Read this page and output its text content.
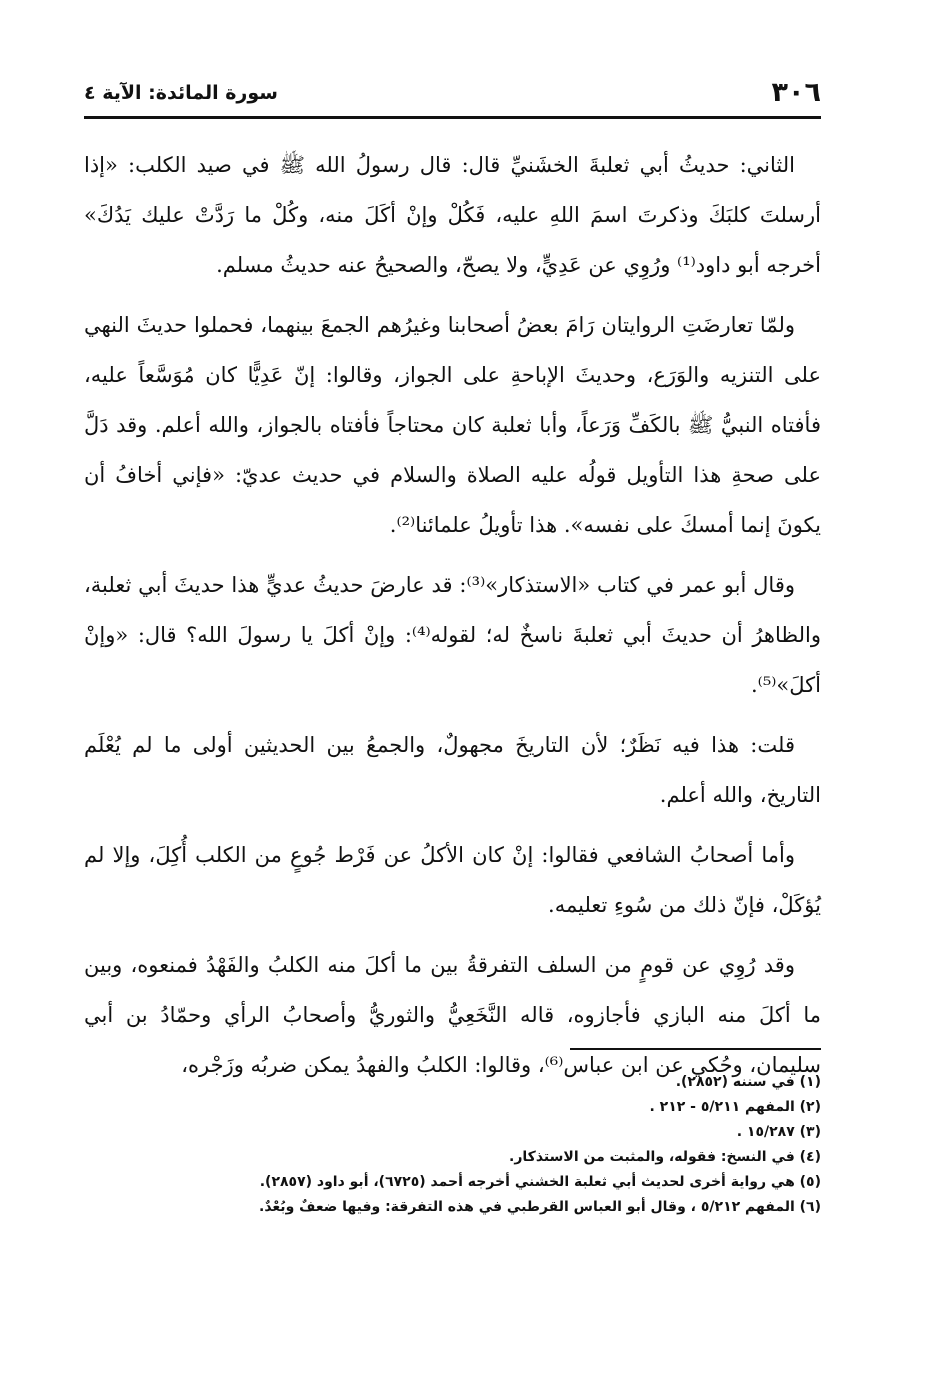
٣٠٦
سورة المائدة: الآية ٤

الثاني: حديثُ أبي ثعلبةَ الخشَنيِّ قال: قال رسولُ الله ﷺ في صيد الكلب: «إذا أرسلتَ كلبَكَ وذكرتَ اسمَ اللهِ عليه، فَكُلْ وإنْ أكَلَ منه، وكُلْ ما رَدَّتْ عليك يَدُكَ» أخرجه أبو داود⁽¹⁾ ورُوِي عن عَدِيٍّ، ولا يصحّ، والصحيحُ عنه حديثُ مسلم.

ولمّا تعارضَتِ الروايتان رَامَ بعضُ أصحابنا وغيرُهم الجمعَ بينهما، فحملوا حديثَ النهي على التنزيه والوَرَع، وحديثَ الإباحةِ على الجواز، وقالوا: إنّ عَدِيًّا كان مُوَسَّعاً عليه، فأفتاه النبيُّ ﷺ بالكَفِّ وَرَعاً، وأبا ثعلبة كان محتاجاً فأفتاه بالجواز، والله أعلم. وقد دَلَّ على صحةِ هذا التأويل قولُه عليه الصلاة والسلام في حديث عديّ: «فإني أخافُ أن يكونَ إنما أمسكَ على نفسه». هذا تأويلُ علمائنا⁽²⁾.

وقال أبو عمر في كتاب «الاستذكار»⁽³⁾: قد عارضَ حديثُ عديٍّ هذا حديثَ أبي ثعلبة، والظاهرُ أن حديثَ أبي ثعلبةَ ناسخٌ له؛ لقوله⁽⁴⁾: وإنْ أكلَ يا رسولَ الله؟ قال: «وإنْ أكلَ»⁽⁵⁾.

قلت: هذا فيه نَظَرٌ؛ لأن التاريخَ مجهولٌ، والجمعُ بين الحديثين أولى ما لم يُعْلَم التاريخ، والله أعلم.

وأما أصحابُ الشافعي فقالوا: إنْ كان الأكلُ عن فَرْط جُوعٍ من الكلب أُكِلَ، وإلا لم يُؤكَلْ، فإنّ ذلك من سُوءِ تعليمه.

وقد رُوِي عن قومٍ من السلف التفرقةُ بين ما أكلَ منه الكلبُ والفَهْدُ فمنعوه، وبين ما أكلَ منه البازي فأجازوه، قاله النَّخَعِيُّ والثوريُّ وأصحابُ الرأي وحمّادُ بن أبي سليمان، وحُكي عن ابن عباس⁽⁶⁾، وقالوا: الكلبُ والفهدُ يمكن ضربُه وزَجْره،

(١) في سننه (٢٨٥٢).
(٢) المفهم ٥/٢١١ - ٢١٢ .
(٣) ١٥/٢٨٧ .
(٤) في النسخ: فقوله، والمثبت من الاستذكار.
(٥) هي رواية أخرى لحديث أبي ثعلبة الخشني أخرجه أحمد (٦٧٢٥)، أبو داود (٢٨٥٧).
(٦) المفهم ٥/٢١٢ ، وقال أبو العباس القرطبي في هذه التفرقة: وفيها ضعفٌ وبُعْدٌ.
